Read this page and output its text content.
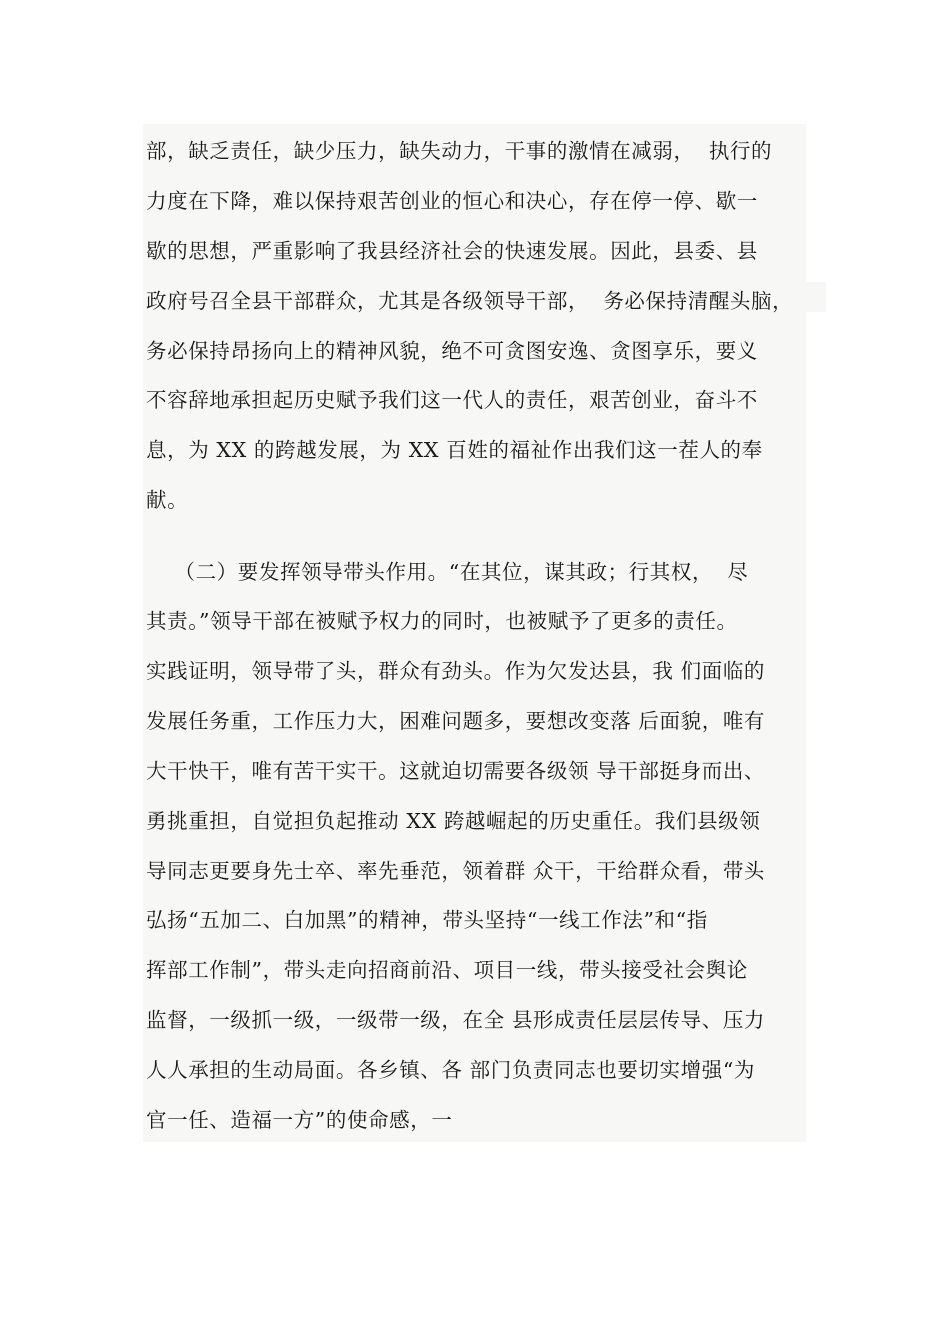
部，缺乏责任，缺少压力，缺失动力，干事的激情在减弱，  执行的
力度在下降，难以保持艰苦创业的恒心和决心，存在停一停、歇一
歇的思想，严重影响了我县经济社会的快速发展。因此，县委、县
政府号召全县干部群众，尤其是各级领导干部，  务必保持清醒头脑，
务必保持昂扬向上的精神风貌，绝不可贪图安逸、贪图享乐，要义
不容辞地承担起历史赋予我们这一代人的责任，艰苦创业，奋斗不
息，为 XX 的跨越发展，为 XX 百姓的福祉作出我们这一茬人的奉
献。
（二）要发挥领导带头作用。“在其位，谋其政；行其权，  尽
其责。”领导干部在被赋予权力的同时，也被赋予了更多的责任。
实践证明，领导带了头，群众有劲头。作为欠发达县，我 们面临的
发展任务重，工作压力大，困难问题多，要想改变落 后面貌，唯有
大干快干，唯有苦干实干。这就迫切需要各级领 导干部挺身而出、
勇挑重担，自觉担负起推动 XX 跨越崛起的历史重任。我们县级领
导同志更要身先士卒、率先垂范，领着群 众干，干给群众看，带头
弘扬“五加二、白加黑”的精神，带头坚持“一线工作法”和“指
挥部工作制”，带头走向招商前沿、项目一线，带头接受社会舆论
监督，一级抓一级，一级带一级，在全 县形成责任层层传导、压力
人人承担的生动局面。各乡镇、各 部门负责同志也要切实增强“为
官一任、造福一方”的使命感，一
